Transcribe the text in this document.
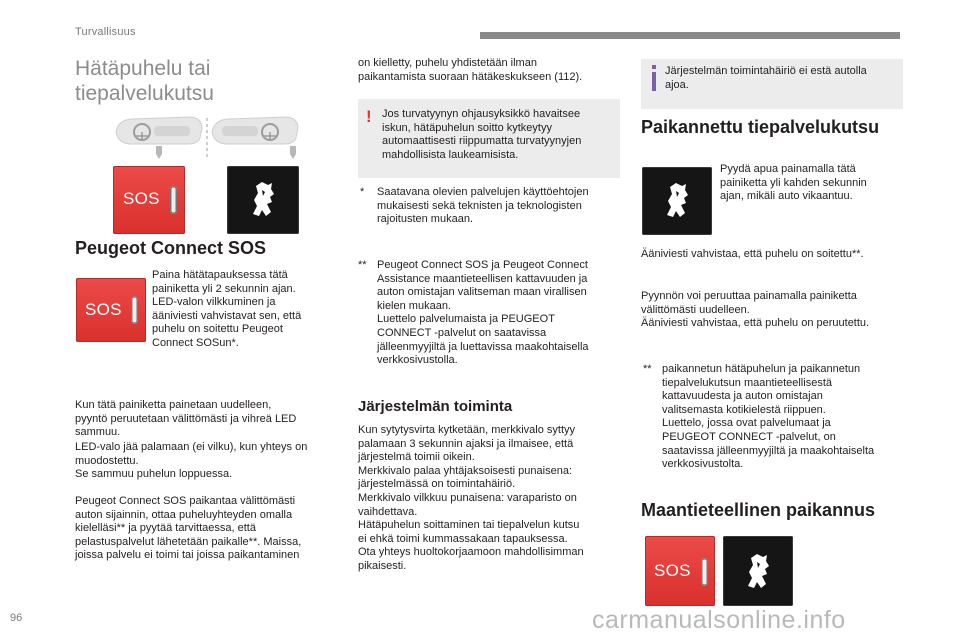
Turvallisuus
Hätäpuhelu tai
tiepalvelukutsu
SOS
Peugeot Connect SOS
SOS

Paina hätätapauksessa tätä
painiketta yli 2 sekunnin ajan.
LED-valon vilkkuminen ja
ääniviesti vahvistavat sen, että
puhelu on soitettu Peugeot
Connect SOSun*.

Kun tätä painiketta painetaan uudelleen,
pyyntö peruutetaan välittömästi ja vihreä LED
sammuu.

LED-valo jää palamaan (ei vilku), kun yhteys on
muodostettu.
Se sammuu puhelun loppuessa.

Peugeot Connect SOS paikantaa välittömästi
auton sijainnin, ottaa puheluyhteyden omalla
kielelläsi** ja pyytää tarvittaessa, että
pelastuspalvelut lähetetään paikalle**. Maissa,
joissa palvelu ei toimi tai joissa paikantaminen

on kielletty, puhelu yhdistetään ilman
paikantamista suoraan hätäkeskukseen (112).

! Jos turvatyynyn ohjausyksikkö havaitsee
iskun, hätäpuhelun soitto kytkeytyy
automaattisesti riippumatta turvatyynyjen
mahdollisista laukeamisista.

* Saatavana olevien palvelujen käyttöehtojen
mukaisesti sekä teknisten ja teknologisten
rajoitusten mukaan.

** Peugeot Connect SOS ja Peugeot Connect
Assistance maantieteellisen kattavuuden ja
auton omistajan valitseman maan virallisen
kielen mukaan.
Luettelo palvelumaista ja PEUGEOT
CONNECT -palvelut on saatavissa
jälleenmyyjiltä ja luettavissa maakohtaisella
verkkosivustolla.

Järjestelmän toiminta

Kun sytytysvirta kytketään, merkkivalo syttyy
palamaan 3 sekunnin ajaksi ja ilmaisee, että
järjestelmä toimii oikein.
Merkkivalo palaa yhtäjaksoisesti punaisena:
järjestelmässä on toimintahäiriö.
Merkkivalo vilkkuu punaisena: varaparisto on
vaihdettava.
Hätäpuhelun soittaminen tai tiepalvelun kutsu
ei ehkä toimi kummassakaan tapauksessa.
Ota yhteys huoltokorjaamoon mahdollisimman
pikaisesti.

Järjestelmän toimintahäiriö ei estä autolla
ajoa.

Paikannettu tiepalvelukutsu

Pyydä apua painamalla tätä
painiketta yli kahden sekunnin
ajan, mikäli auto vikaantuu.

Ääniviesti vahvistaa, että puhelu on soitettu**.

Pyynnön voi peruuttaa painamalla painiketta
välittömästi uudelleen.
Ääniviesti vahvistaa, että puhelu on peruutettu.

** paikannetun hätäpuhelun ja paikannetun
tiepalvelukutsun maantieteellisestä
kattavuudesta ja auton omistajan
valitsemasta kotikielestä riippuen.
Luettelo, jossa ovat palvelumaat ja
PEUGEOT CONNECT -palvelut, on
saatavissa jälleenmyyjiltä ja maakohtaiselta
verkkosivustolta.

Maantieteellinen paikannus
SOS
96	carmanualsonline.info
